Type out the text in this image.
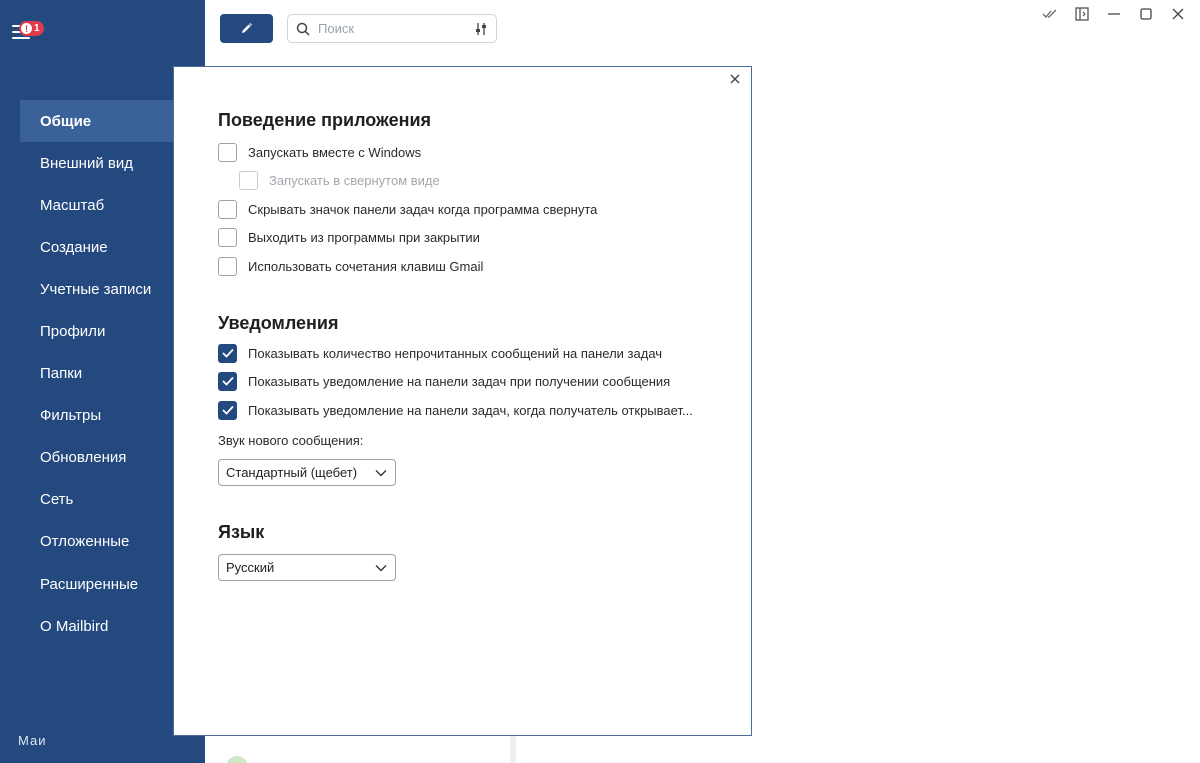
! 1
Маи
Поиск
Общие
Внешний вид
Масштаб
Создание
Учетные записи
Профили
Папки
Фильтры
Обновления
Сеть
Отложенные
Расширенные
О Mailbird
Поведение приложения
Запускать вместе с Windows
Запускать в свернутом виде
Скрывать значок панели задач когда программа свернута
Выходить из программы при закрытии
Использовать сочетания клавиш Gmail
Уведомления
Показывать количество непрочитанных сообщений на панели задач
Показывать уведомление на панели задач при получении сообщения
Показывать уведомление на панели задач, когда получатель открывает...
Звук нового сообщения:
Стандартный (щебет)
Язык
Русский
